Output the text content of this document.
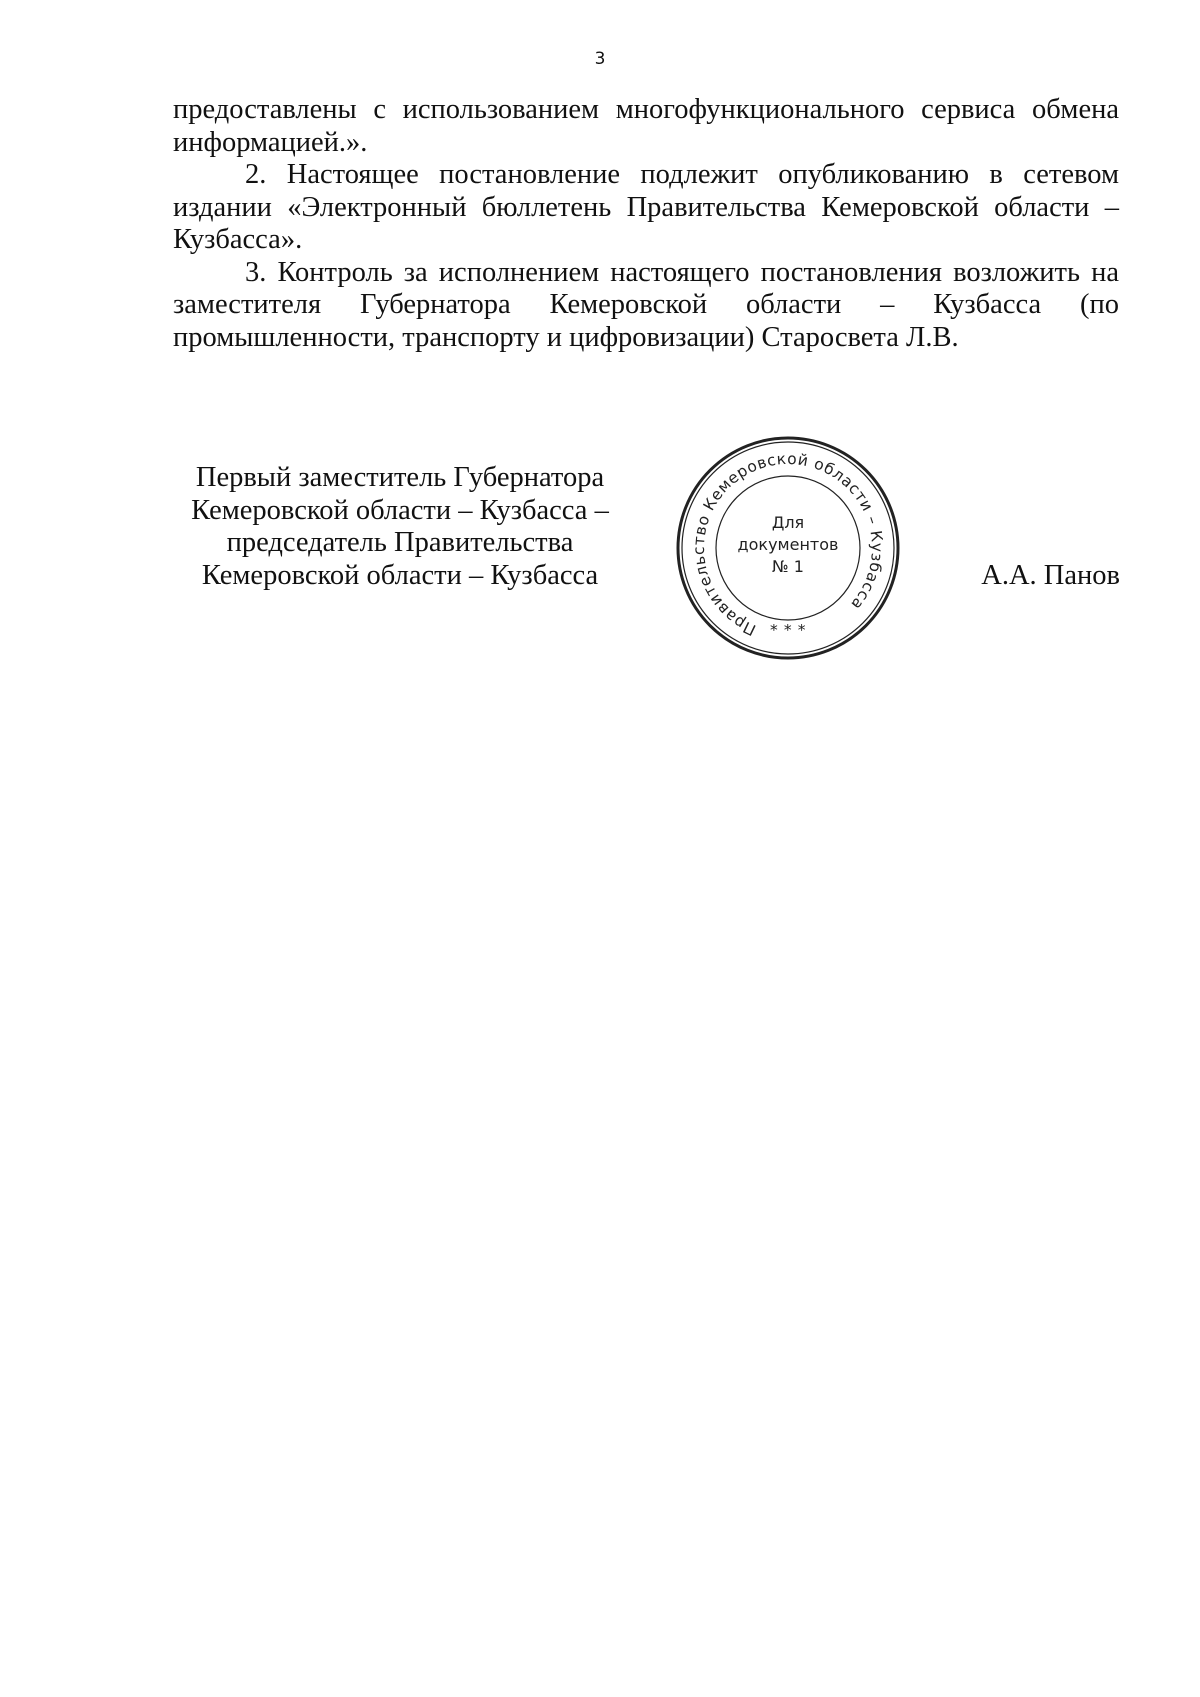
3

предоставлены с использованием многофункционального сервиса обмена информацией.».

2. Настоящее постановление подлежит опубликованию в сетевом издании «Электронный бюллетень Правительства Кемеровской области – Кузбасса».

3. Контроль за исполнением настоящего постановления возложить на заместителя Губернатора Кемеровской области – Кузбасса (по промышленности, транспорту и цифровизации) Старосвета Л.В.

Первый заместитель Губернатора
Кемеровской области – Кузбасса –
председатель Правительства
Кемеровской области – Кузбасса
Правительство Кемеровской области – Кузбасса
* * *
Для
документов
№ 1	А.А. Панов
